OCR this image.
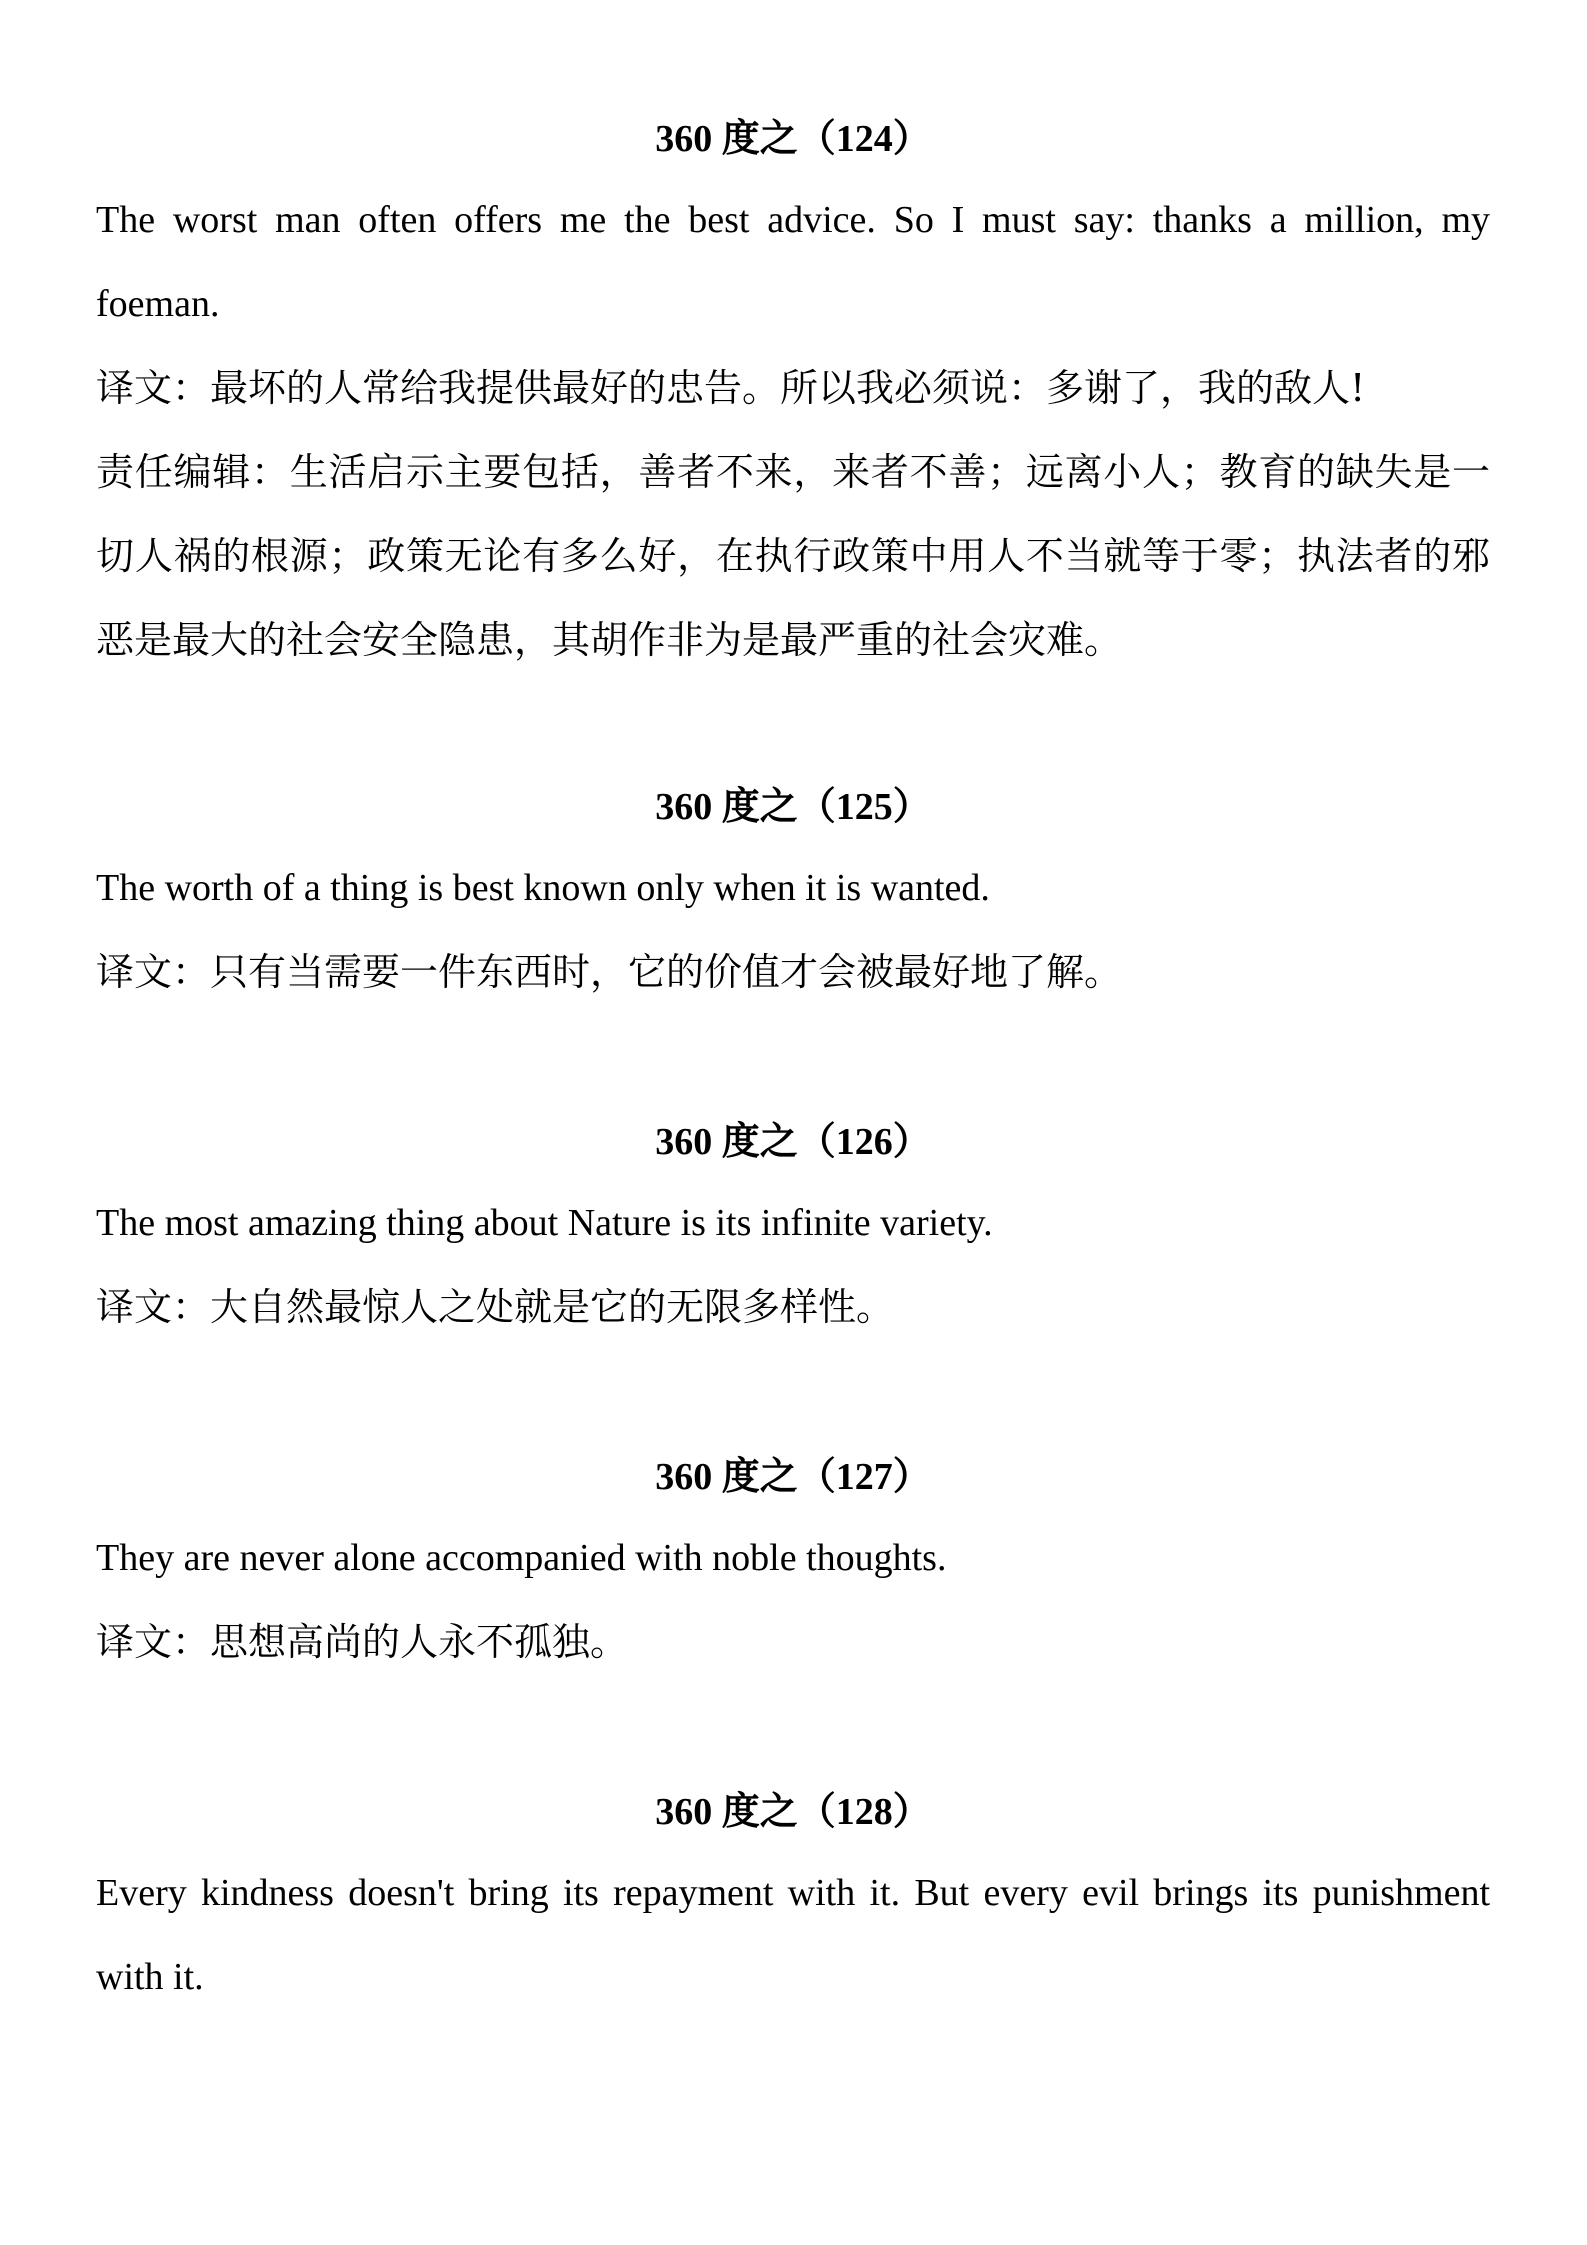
360 度之（124）

The worst man often offers me the best advice. So I must say: thanks a million, my foeman.

译文：最坏的人常给我提供最好的忠告。所以我必须说：多谢了，我的敌人!

责任编辑：生活启示主要包括，善者不来，来者不善；远离小人；教育的缺失是一切人祸的根源；政策无论有多么好，在执行政策中用人不当就等于零；执法者的邪恶是最大的社会安全隐患，其胡作非为是最严重的社会灾难。

360 度之（125）

The worth of a thing is best known only when it is wanted.

译文：只有当需要一件东西时，它的价值才会被最好地了解。

360 度之（126）

The most amazing thing about Nature is its infinite variety.

译文：大自然最惊人之处就是它的无限多样性。

360 度之（127）

They are never alone accompanied with noble thoughts.

译文：思想高尚的人永不孤独。

360 度之（128）

Every kindness doesn't bring its repayment with it. But every evil brings its punishment with it.
